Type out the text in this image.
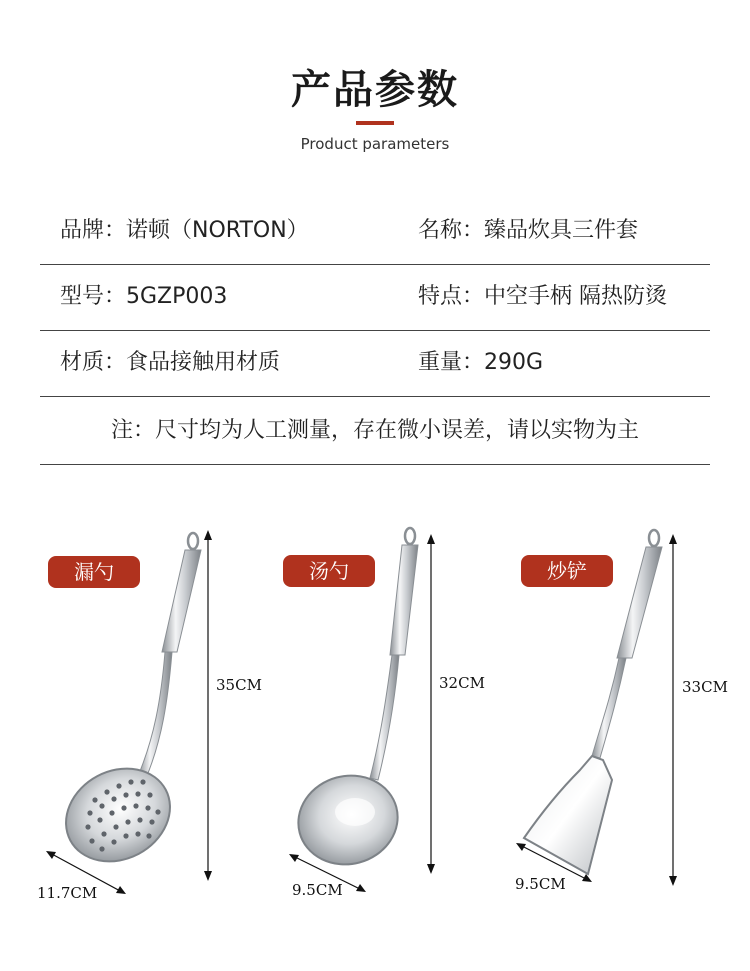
产品参数
Product parameters
品牌：诺顿（NORTON）	名称：臻品炊具三件套
型号：5GZP003	特点：中空手柄 隔热防烫
材质：食品接触用材质	重量：290G
注：尺寸均为人工测量，存在微小误差，请以实物为主
漏勺	汤勺	炒铲
35CM
11.7CM
32CM
9.5CM
33CM
9.5CM
